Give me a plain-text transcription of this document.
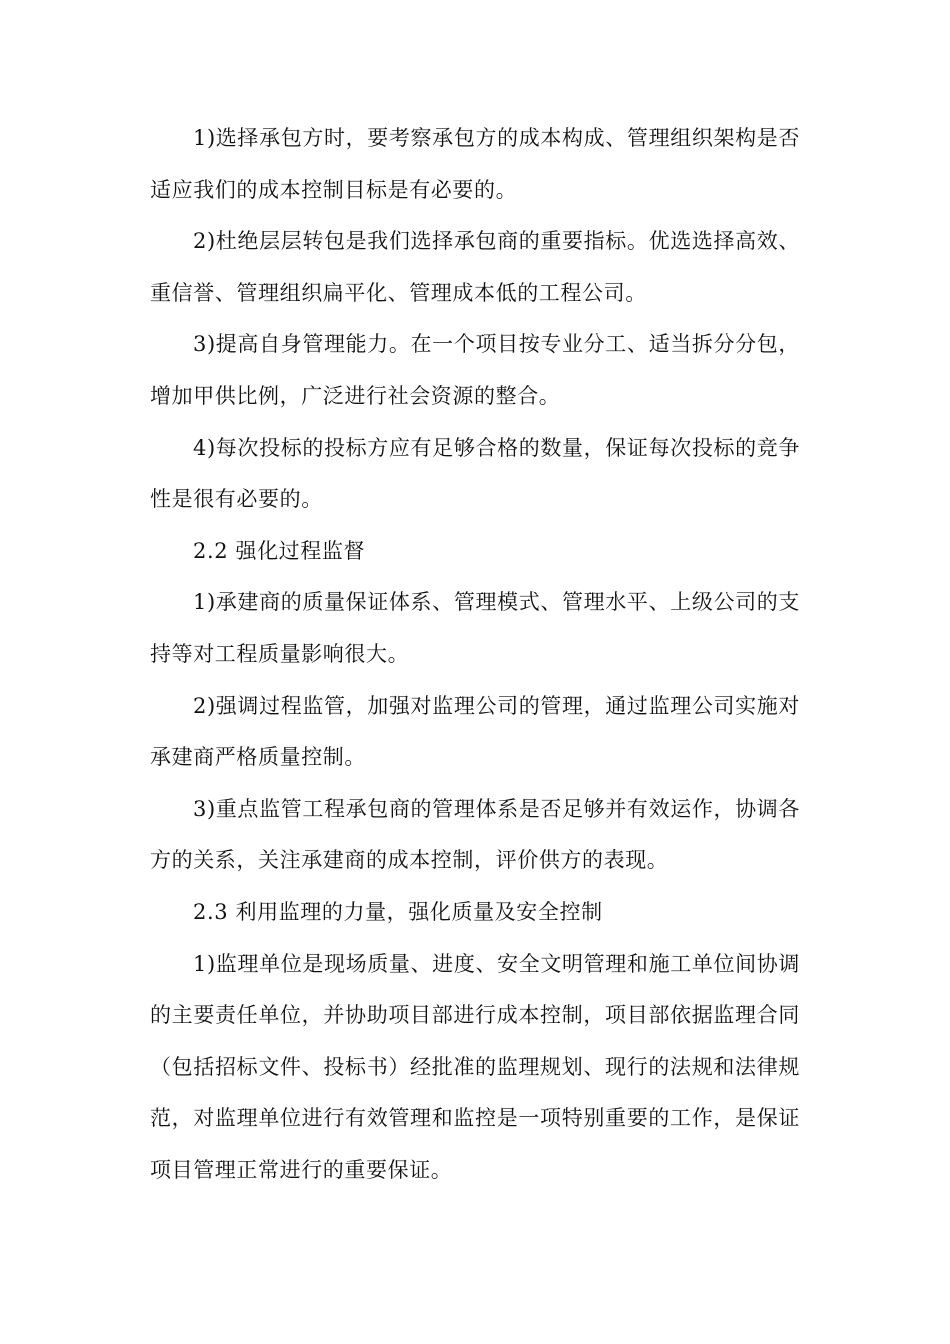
1)选择承包方时，要考察承包方的成本构成、管理组织架构是否适应我们的成本控制目标是有必要的。

2)杜绝层层转包是我们选择承包商的重要指标。优选选择高效、重信誉、管理组织扁平化、管理成本低的工程公司。

3)提高自身管理能力。在一个项目按专业分工、适当拆分分包，增加甲供比例，广泛进行社会资源的整合。

4)每次投标的投标方应有足够合格的数量，保证每次投标的竞争性是很有必要的。

2.2 强化过程监督

1)承建商的质量保证体系、管理模式、管理水平、上级公司的支持等对工程质量影响很大。

2)强调过程监管，加强对监理公司的管理，通过监理公司实施对承建商严格质量控制。

3)重点监管工程承包商的管理体系是否足够并有效运作，协调各方的关系，关注承建商的成本控制，评价供方的表现。

2.3 利用监理的力量，强化质量及安全控制

1)监理单位是现场质量、进度、安全文明管理和施工单位间协调的主要责任单位，并协助项目部进行成本控制，项目部依据监理合同（包括招标文件、投标书）经批准的监理规划、现行的法规和法律规范，对监理单位进行有效管理和监控是一项特别重要的工作，是保证项目管理正常进行的重要保证。
